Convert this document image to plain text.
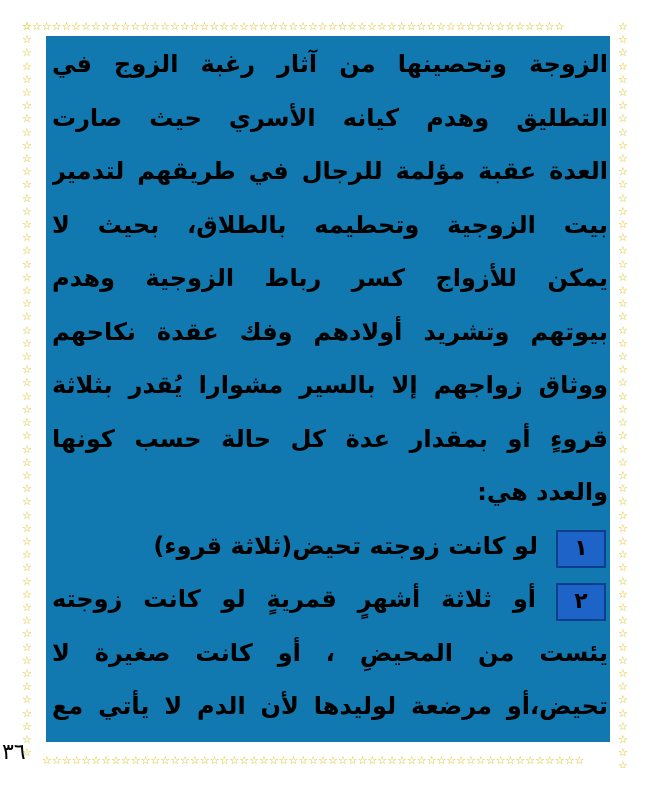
☆☆☆☆☆☆☆☆☆☆☆☆☆☆☆☆☆☆☆☆☆☆☆☆☆☆☆☆☆☆☆☆☆☆☆☆☆☆☆☆☆☆☆☆☆☆☆☆☆☆☆☆☆☆☆
☆☆☆☆☆☆☆☆☆☆☆☆☆☆☆☆☆☆☆☆☆☆☆☆☆☆☆☆☆☆☆☆☆☆☆☆☆☆☆☆☆☆☆☆☆☆☆☆☆☆☆☆☆☆☆
☆☆☆☆☆☆☆☆☆☆☆☆☆☆☆☆☆☆☆☆☆☆☆☆☆☆☆☆☆☆☆☆☆☆☆☆☆☆☆☆☆☆☆☆☆☆☆☆☆☆☆☆☆☆☆☆☆☆
☆☆☆☆☆☆☆☆☆☆☆☆☆☆☆☆☆☆☆☆☆☆☆☆☆☆☆☆☆☆☆☆☆☆☆☆☆☆☆☆☆☆☆☆☆☆☆☆☆☆☆☆☆☆☆☆☆☆
الزوجة وتحصينها من آثار رغبة الزوج في
التطليق وهدم كيانه الأسري حيث صارت
العدة عقبة مؤلمة للرجال في طريقهم لتدمير
بيت الزوجية وتحطيمه بالطلاق، بحيث لا
يمكن للأزواج كسر رباط الزوجية وهدم
بيوتهم وتشريد أولادهم وفك عقدة نكاحهم
ووثاق زواجهم إلا بالسير مشوارا يُقدر بثلاثة
قروءٍ أو بمقدار عدة كل حالة حسب كونها
والعدد هي:
١
لو كانت زوجته تحيض(ثلاثة قروء)
٢
أو ثلاثة أشهرٍ قمريةٍ لو كانت زوجته
يئست من المحيضِ ، أو كانت صغيرة لا
تحيض،أو مرضعة لوليدها لأن الدم لا يأتي مع
٣٦
